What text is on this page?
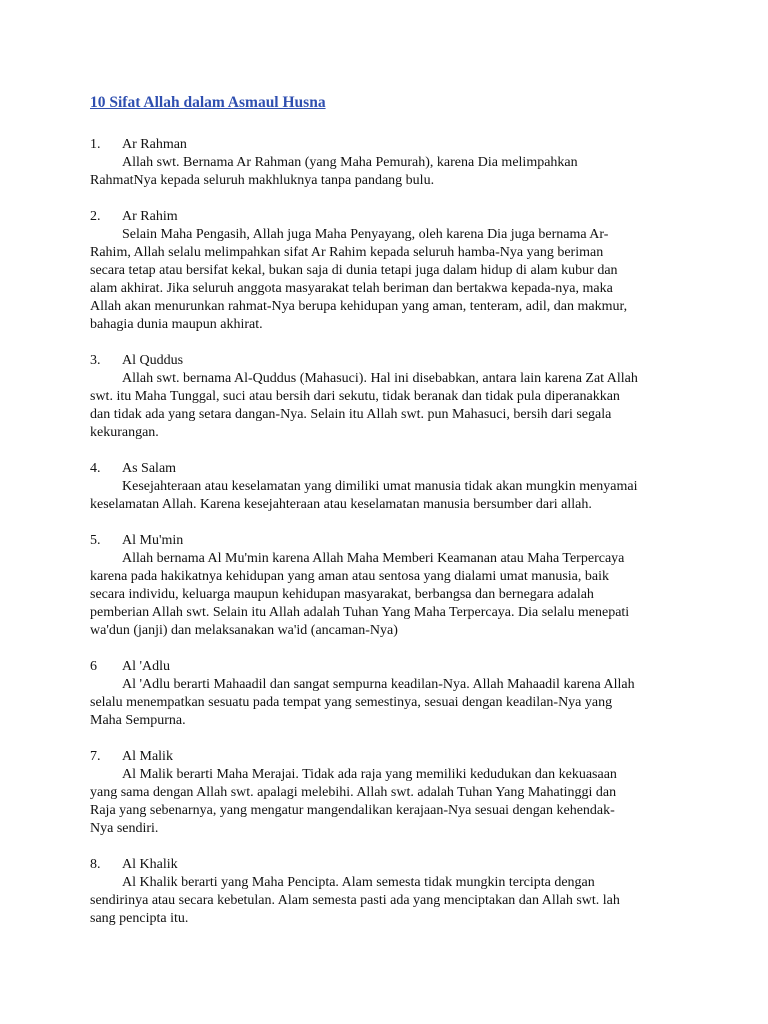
10 Sifat Allah dalam Asmaul Husna
1.	Ar Rahman

Allah swt. Bernama Ar Rahman (yang Maha Pemurah), karena Dia melimpahkan
RahmatNya kepada seluruh makhluknya tanpa pandang bulu.

2.	Ar Rahim

Selain Maha Pengasih, Allah juga Maha Penyayang, oleh karena Dia juga bernama Ar-
Rahim, Allah selalu melimpahkan sifat Ar Rahim kepada seluruh hamba-Nya yang beriman
secara tetap atau bersifat kekal, bukan saja di dunia tetapi juga dalam hidup di alam kubur dan
alam akhirat. Jika seluruh anggota masyarakat telah beriman dan bertakwa kepada-nya, maka
Allah akan menurunkan rahmat-Nya berupa kehidupan yang aman, tenteram, adil, dan makmur,
bahagia dunia maupun akhirat.

3.	Al Quddus

Allah swt. bernama Al-Quddus (Mahasuci). Hal ini disebabkan, antara lain karena Zat Allah
swt. itu Maha Tunggal, suci atau bersih dari sekutu, tidak beranak dan tidak pula diperanakkan
dan tidak ada yang setara dangan-Nya. Selain itu Allah swt. pun Mahasuci, bersih dari segala
kekurangan.

4.	As Salam

Kesejahteraan atau keselamatan yang dimiliki umat manusia tidak akan mungkin menyamai
keselamatan Allah. Karena kesejahteraan atau keselamatan manusia bersumber dari allah.

5.	Al Mu'min

Allah bernama Al Mu'min karena Allah Maha Memberi Keamanan atau Maha Terpercaya
karena pada hakikatnya kehidupan yang aman atau sentosa yang dialami umat manusia, baik
secara individu, keluarga maupun kehidupan masyarakat, berbangsa dan bernegara adalah
pemberian Allah swt. Selain itu Allah adalah Tuhan Yang Maha Terpercaya. Dia selalu menepati
wa'dun (janji) dan melaksanakan wa'id (ancaman-Nya)

6	Al 'Adlu

Al 'Adlu berarti Mahaadil dan sangat sempurna keadilan-Nya. Allah Mahaadil karena Allah
selalu menempatkan sesuatu pada tempat yang semestinya, sesuai dengan keadilan-Nya yang
Maha Sempurna.

7.	Al Malik

Al Malik berarti Maha Merajai. Tidak ada raja yang memiliki kedudukan dan kekuasaan
yang sama dengan Allah swt. apalagi melebihi. Allah swt. adalah Tuhan Yang Mahatinggi dan
Raja yang sebenarnya, yang mengatur mangendalikan kerajaan-Nya sesuai dengan kehendak-
Nya sendiri.

8.	Al Khalik

Al Khalik berarti yang Maha Pencipta. Alam semesta tidak mungkin tercipta dengan
sendirinya atau secara kebetulan. Alam semesta pasti ada yang menciptakan dan Allah swt. lah
sang pencipta itu.
